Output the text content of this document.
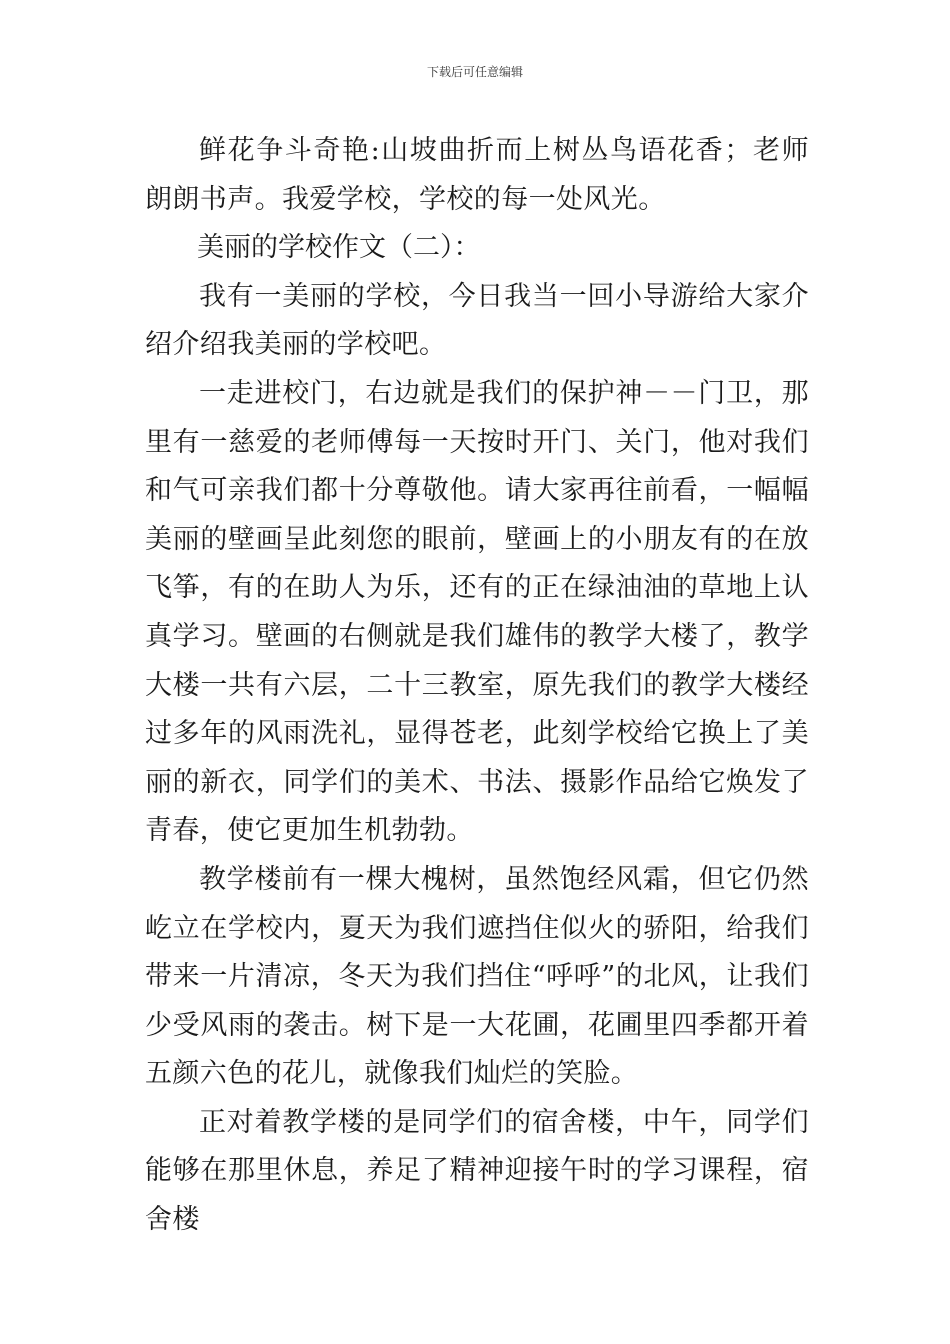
下载后可任意编辑

鲜花争斗奇艳:山坡曲折而上树丛鸟语花香；老师朗朗书声。我爱学校，学校的每一处风光。

美丽的学校作文（二）：

我有一美丽的学校，今日我当一回小导游给大家介绍介绍我美丽的学校吧。

一走进校门，右边就是我们的保护神－－门卫，那里有一慈爱的老师傅每一天按时开门、关门，他对我们和气可亲我们都十分尊敬他。请大家再往前看，一幅幅美丽的壁画呈此刻您的眼前，壁画上的小朋友有的在放飞筝，有的在助人为乐，还有的正在绿油油的草地上认真学习。壁画的右侧就是我们雄伟的教学大楼了，教学大楼一共有六层，二十三教室，原先我们的教学大楼经过多年的风雨洗礼，显得苍老，此刻学校给它换上了美丽的新衣，同学们的美术、书法、摄影作品给它焕发了青春，使它更加生机勃勃。

教学楼前有一棵大槐树，虽然饱经风霜，但它仍然屹立在学校内，夏天为我们遮挡住似火的骄阳，给我们带来一片清凉，冬天为我们挡住“呼呼”的北风，让我们少受风雨的袭击。树下是一大花圃，花圃里四季都开着五颜六色的花儿，就像我们灿烂的笑脸。

正对着教学楼的是同学们的宿舍楼，中午，同学们能够在那里休息，养足了精神迎接午时的学习课程，宿舍楼
